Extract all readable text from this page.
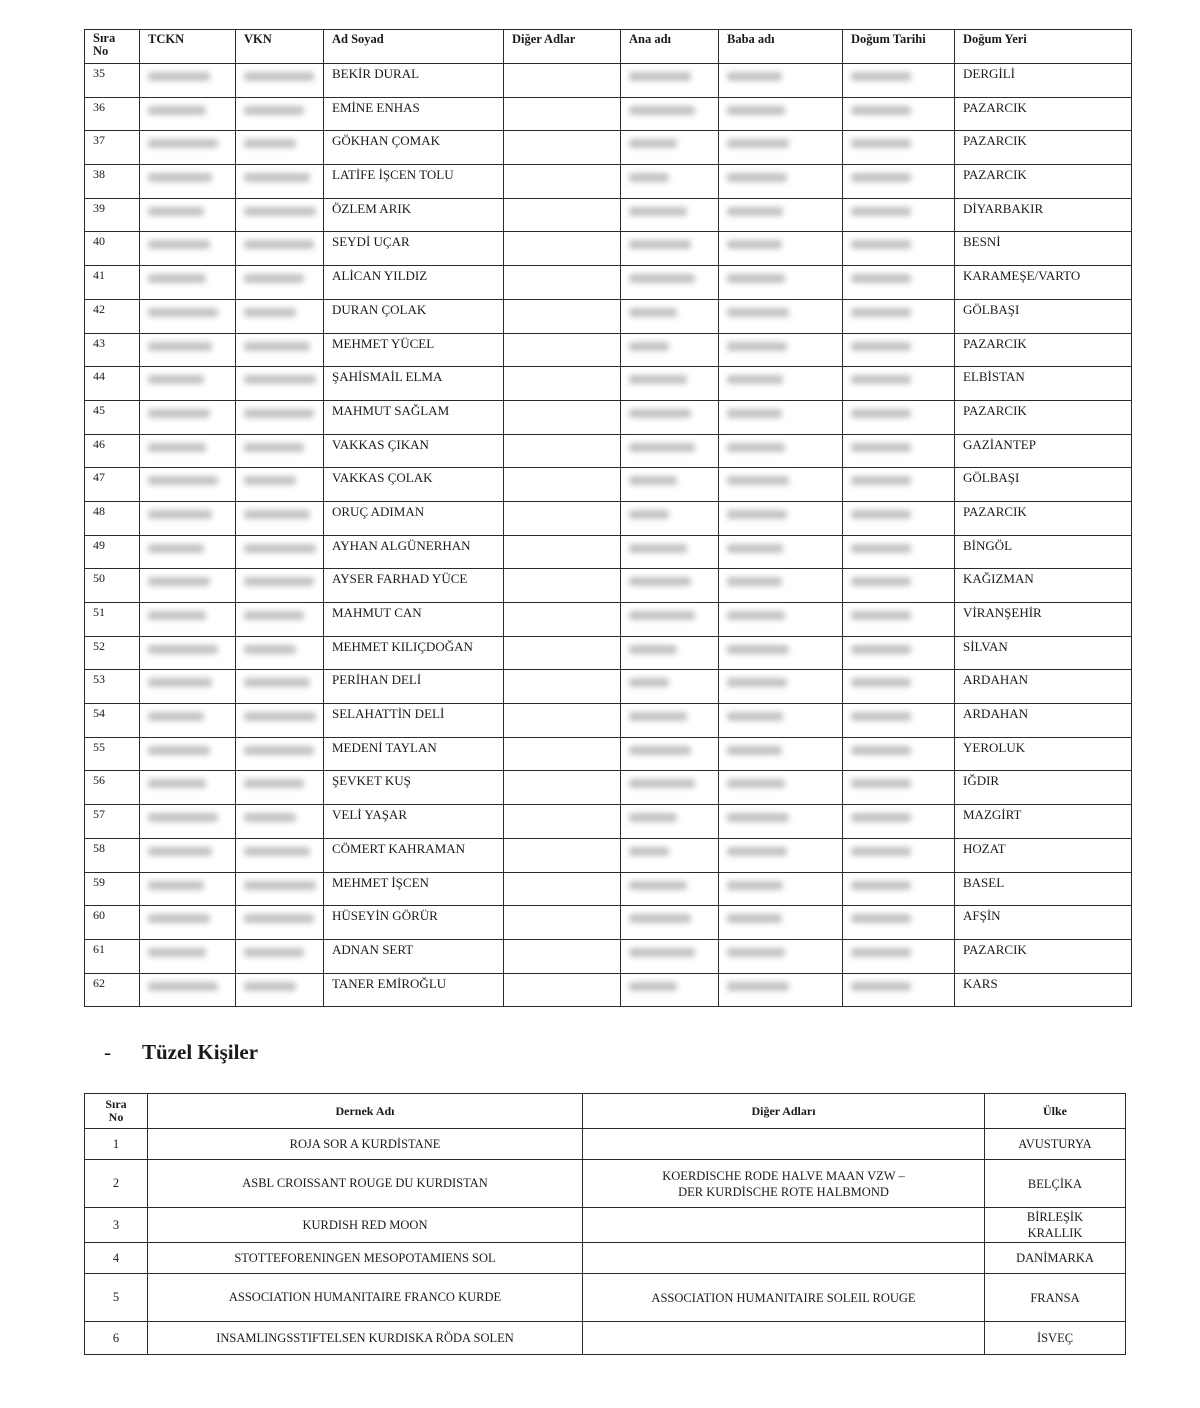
Sıra
No	TCKN	VKN	Ad Soyad	Diğer Adlar	Ana adı	Baba adı	Doğum Tarihi	Doğum Yeri
35			BEKİR DURAL					DERGİLİ
36			EMİNE ENHAS					PAZARCIK
37			GÖKHAN ÇOMAK					PAZARCIK
38			LATİFE İŞCEN TOLU					PAZARCIK
39			ÖZLEM ARIK					DİYARBAKIR
40			SEYDİ UÇAR					BESNİ
41			ALİCAN YILDIZ					KARAMEŞE/VARTO
42			DURAN ÇOLAK					GÖLBAŞI
43			MEHMET YÜCEL					PAZARCIK
44			ŞAHİSMAİL ELMA					ELBİSTAN
45			MAHMUT SAĞLAM					PAZARCIK
46			VAKKAS ÇIKAN					GAZİANTEP
47			VAKKAS ÇOLAK					GÖLBAŞI
48			ORUÇ ADIMAN					PAZARCIK
49			AYHAN ALGÜNERHAN					BİNGÖL
50			AYSER FARHAD YÜCE					KAĞIZMAN
51			MAHMUT CAN					VİRANŞEHİR
52			MEHMET KILIÇDOĞAN					SİLVAN
53			PERİHAN DELİ					ARDAHAN
54			SELAHATTİN DELİ					ARDAHAN
55			MEDENİ TAYLAN					YEROLUK
56			ŞEVKET KUŞ					IĞDIR
57			VELİ YAŞAR					MAZGİRT
58			CÖMERT KAHRAMAN					HOZAT
59			MEHMET İŞCEN					BASEL
60			HÜSEYİN GÖRÜR					AFŞİN
61			ADNAN SERT					PAZARCIK
62			TANER EMİROĞLU					KARS
- Tüzel Kişiler
Sıra
No	Dernek Adı	Diğer Adları	Ülke
1	ROJA SOR A KURDİSTANE		AVUSTURYA

2	ASBL CROISSANT ROUGE DU KURDISTAN	KOERDISCHE RODE HALVE MAAN VZW –
DER KURDİSCHE ROTE HALBMOND	BELÇİKA

3	KURDISH RED MOON		BİRLEŞİK
KRALLIK

4	STOTTEFORENINGEN MESOPOTAMIENS SOL		DANİMARKA

5	ASSOCIATION HUMANITAIRE FRANCO KURDE	ASSOCIATION HUMANITAIRE SOLEIL ROUGE	FRANSA

6	INSAMLINGSSTIFTELSEN KURDISKA RÖDA SOLEN		İSVEÇ
